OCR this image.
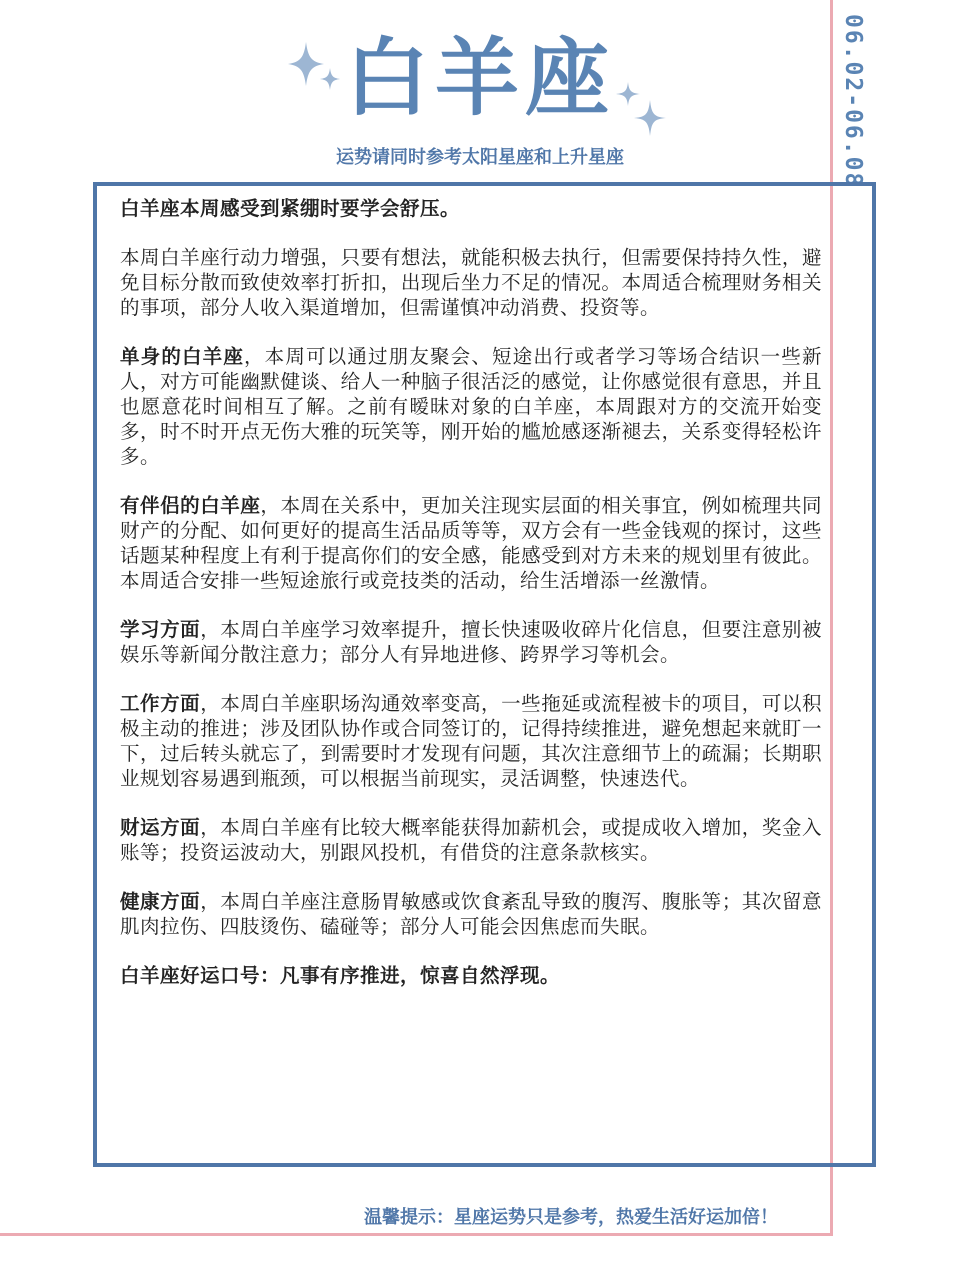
白羊座
运势请同时参考太阳星座和上升星座	06.02-06.08

白羊座本周感受到紧绷时要学会舒压。

本周白羊座行动力增强，只要有想法，就能积极去执行，但需要保持持久性，避免目标分散而致使效率打折扣，出现后坐力不足的情况。本周适合梳理财务相关的事项，部分人收入渠道增加，但需谨慎冲动消费、投资等。

单身的白羊座，本周可以通过朋友聚会、短途出行或者学习等场合结识一些新人，对方可能幽默健谈、给人一种脑子很活泛的感觉，让你感觉很有意思，并且也愿意花时间相互了解。之前有暧昧对象的白羊座，本周跟对方的交流开始变多，时不时开点无伤大雅的玩笑等，刚开始的尴尬感逐渐褪去，关系变得轻松许多。

有伴侣的白羊座，本周在关系中，更加关注现实层面的相关事宜，例如梳理共同财产的分配、如何更好的提高生活品质等等，双方会有一些金钱观的探讨，这些话题某种程度上有利于提高你们的安全感，能感受到对方未来的规划里有彼此。本周适合安排一些短途旅行或竞技类的活动，给生活增添一丝激情。

学习方面，本周白羊座学习效率提升，擅长快速吸收碎片化信息，但要注意别被娱乐等新闻分散注意力；部分人有异地进修、跨界学习等机会。

工作方面，本周白羊座职场沟通效率变高，一些拖延或流程被卡的项目，可以积极主动的推进；涉及团队协作或合同签订的，记得持续推进，避免想起来就盯一下，过后转头就忘了，到需要时才发现有问题，其次注意细节上的疏漏；长期职业规划容易遇到瓶颈，可以根据当前现实，灵活调整，快速迭代。

财运方面，本周白羊座有比较大概率能获得加薪机会，或提成收入增加，奖金入账等；投资运波动大，别跟风投机，有借贷的注意条款核实。

健康方面，本周白羊座注意肠胃敏感或饮食紊乱导致的腹泻、腹胀等；其次留意肌肉拉伤、四肢烫伤、磕碰等；部分人可能会因焦虑而失眠。

白羊座好运口号：凡事有序推进，惊喜自然浮现。

温馨提示：星座运势只是参考，热爱生活好运加倍！
